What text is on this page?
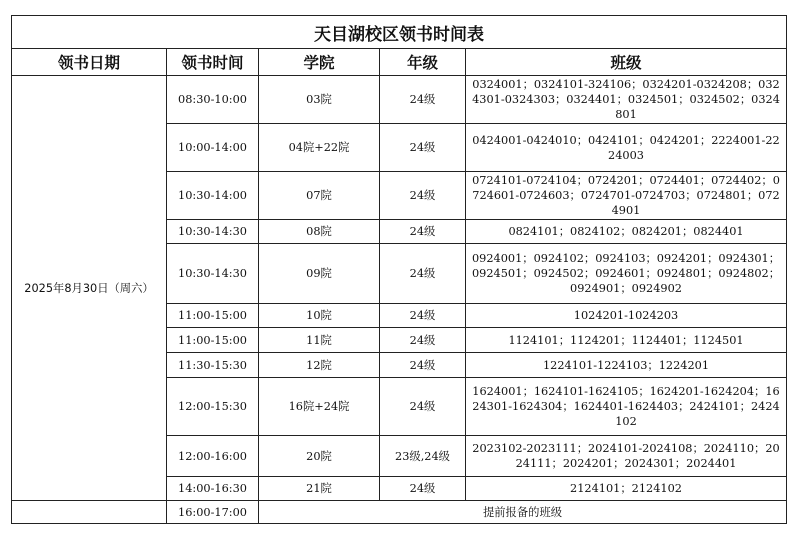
天目湖校区领书时间表				
领书日期	领书时间	学院	年级	班级
2025年8月30日（周六）	08:30-10:00	03院	24级	0324001；0324101-324106；0324201-0324208；0324301-0324303；0324401；0324501；0324502；0324801
	10:00-14:00	04院+22院	24级	0424001-0424010；0424101；0424201；2224001-2224003
	10:30-14:00	07院	24级	0724101-0724104；0724201；0724401；0724402；0724601-0724603；0724701-0724703；0724801；0724901
	10:30-14:30	08院	24级	0824101；0824102；0824201；0824401
	10:30-14:30	09院	24级	0924001；0924102；0924103；0924201；0924301；0924501；0924502；0924601；0924801；0924802；0924901；0924902
	11:00-15:00	10院	24级	1024201-1024203
	11:00-15:00	11院	24级	1124101；1124201；1124401；1124501
	11:30-15:30	12院	24级	1224101-1224103；1224201
	12:00-15:30	16院+24院	24级	1624001；1624101-1624105；1624201-1624204；1624301-1624304；1624401-1624403；2424101；2424102
	12:00-16:00	20院	23级,24级	2023102-2023111；2024101-2024108；2024110；2024111；2024201；2024301；2024401
	14:00-16:30	21院	24级	2124101；2124102
	16:00-17:00	提前报备的班级		
